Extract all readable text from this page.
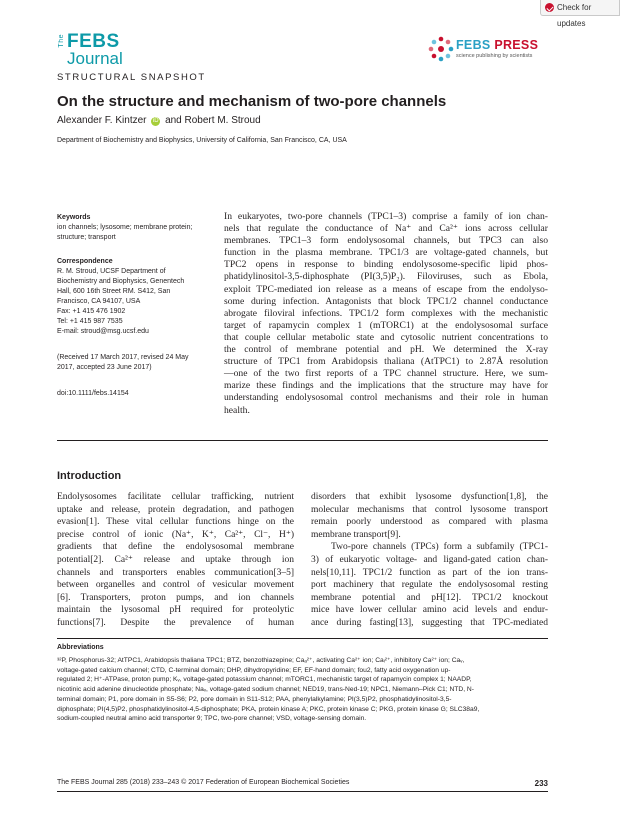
Check for updates
The FEBS
Journal
FEBS PRESS
science publishing by scientists
STRUCTURAL SNAPSHOT
On the structure and mechanism of two-pore channels
Alexander F. Kintzer iD and Robert M. Stroud
Department of Biochemistry and Biophysics, University of California, San Francisco, CA, USA
Keywords
ion channels; lysosome; membrane protein;
structure; transport
Correspondence
R. M. Stroud, UCSF Department of
Biochemistry and Biophysics, Genentech
Hall, 600 16th Street RM. S412, San
Francisco, CA 94107, USA
Fax: +1 415 476 1902
Tel: +1 415 987 7535
E-mail: stroud@msg.ucsf.edu
(Received 17 March 2017, revised 24 May
2017, accepted 23 June 2017)
doi:10.1111/febs.14154
In eukaryotes, two-pore channels (TPC1–3) comprise a family of ion chan-
nels that regulate the conductance of Na⁺ and Ca²⁺ ions across cellular
membranes. TPC1–3 form endolysosomal channels, but TPC3 can also
function in the plasma membrane. TPC1/3 are voltage-gated channels, but
TPC2 opens in response to binding endolysosome-specific lipid phos-
phatidylinositol-3,5-diphosphate (PI(3,5)P₂). Filoviruses, such as Ebola,
exploit TPC-mediated ion release as a means of escape from the endolyso-
some during infection. Antagonists that block TPC1/2 channel conductance
abrogate filoviral infections. TPC1/2 form complexes with the mechanistic
target of rapamycin complex 1 (mTORC1) at the endolysosomal surface
that couple cellular metabolic state and cytosolic nutrient concentrations to
the control of membrane potential and pH. We determined the X-ray
structure of TPC1 from Arabidopsis thaliana (AtTPC1) to 2.87Å resolution
—one of the two first reports of a TPC channel structure. Here, we sum-
marize these findings and the implications that the structure may have for
understanding endolysosomal control mechanisms and their role in human
health.
Introduction
Endolysosomes facilitate cellular trafficking, nutrient
uptake and release, protein degradation, and pathogen
evasion[1]. These vital cellular functions hinge on the
precise control of ionic (Na⁺, K⁺, Ca²⁺, Cl⁻, H⁺)
gradients that define the endolysosomal membrane
potential[2]. Ca²⁺ release and uptake through ion
channels and transporters enables communication[3–5]
between organelles and control of vesicular movement
[6]. Transporters, proton pumps, and ion channels
maintain the lysosomal pH required for proteolytic
functions[7]. Despite the prevalence of human
disorders that exhibit lysosome dysfunction[1,8], the
molecular mechanisms that control lysosome transport
remain poorly understood as compared with plasma
membrane transport[9].
Two-pore channels (TPCs) form a subfamily (TPC1-
3) of eukaryotic voltage- and ligand-gated cation chan-
nels[10,11]. TPC1/2 function as part of the ion trans-
port machinery that regulate the endolysosomal resting
membrane potential and pH[12]. TPC1/2 knockout
mice have lower cellular amino acid levels and endur-
ance during fasting[13], suggesting that TPC-mediated
Abbreviations
³²P, Phosphorus-32; AtTPC1, Arabidopsis thaliana TPC1; BTZ, benzothiazepine; Caₐ²⁺, activating Ca²⁺ ion; Caᵢ²⁺, inhibitory Ca²⁺ ion; Caᵥ,
voltage-gated calcium channel; CTD, C-terminal domain; DHP, dihydropyridine; EF, EF-hand domain; fou2, fatty acid oxygenation up-
regulated 2; H⁺-ATPase, proton pump; Kᵥ, voltage-gated potassium channel; mTORC1, mechanistic target of rapamycin complex 1; NAADP,
nicotinic acid adenine dinucleotide phosphate; Naᵥ, voltage-gated sodium channel; NED19, trans-Ned-19; NPC1, Niemann–Pick C1; NTD, N-
terminal domain; P1, pore domain in S5-S6; P2, pore domain in S11-S12; PAA, phenylalkylamine; PI(3,5)P2, phosphatidylinositol-3,5-
diphosphate; PI(4,5)P2, phosphatidylinositol-4,5-diphosphate; PKA, protein kinase A; PKC, protein kinase C; PKG, protein kinase G; SLC38a9,
sodium-coupled neutral amino acid transporter 9; TPC, two-pore channel; VSD, voltage-sensing domain.
The FEBS Journal 285 (2018) 233–243 © 2017 Federation of European Biochemical Societies	233
